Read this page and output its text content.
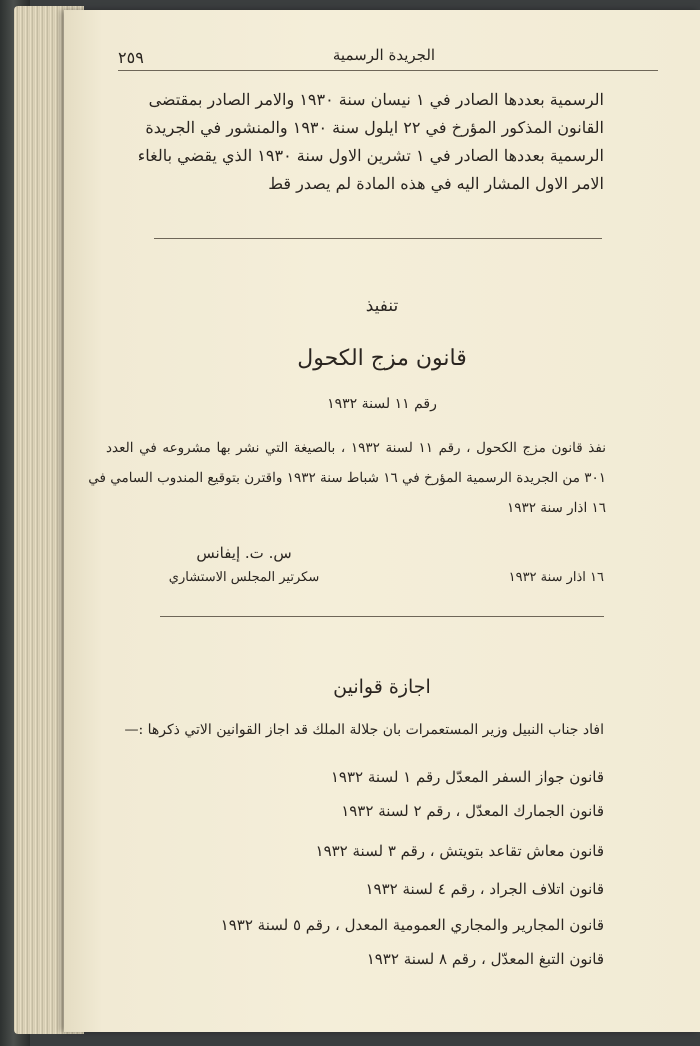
٢٥٩	الجريدة الرسمية
الرسمية بعددها الصادر في ١ نيسان سنة ١٩٣٠ والامر الصادر بمقتضى
القانون المذكور المؤرخ في ٢٢ ايلول سنة ١٩٣٠ والمنشور في الجريدة
الرسمية بعددها الصادر في ١ تشرين الاول سنة ١٩٣٠ الذي يقضي بالغاء
الامر الاول المشار اليه في هذه المادة لم يصدر قط
تنفيذ
قانون مزج الكحول
رقم ١١ لسنة ١٩٣٢
نفذ قانون مزج الكحول ، رقم ١١ لسنة ١٩٣٢ ، بالصيغة التي نشر بها مشروعه في العدد
٣٠١ من الجريدة الرسمية المؤرخ في ١٦ شباط سنة ١٩٣٢ واقترن بتوقيع المندوب السامي في
١٦ اذار سنة ١٩٣٢
س. ت. إيفانس
سكرتير المجلس الاستشاري	١٦ اذار سنة ١٩٣٢
اجازة قوانين
افاد جناب النبيل وزير المستعمرات بان جلالة الملك قد اجاز القوانين الاتي ذكرها :—
قانون جواز السفر المعدّل رقم ١ لسنة ١٩٣٢
قانون الجمارك المعدّل ، رقم ٢ لسنة ١٩٣٢
قانون معاش تقاعد بتويتش ، رقم ٣ لسنة ١٩٣٢
قانون اتلاف الجراد ، رقم ٤ لسنة ١٩٣٢
قانون المجارير والمجاري العمومية المعدل ، رقم ٥ لسنة ١٩٣٢
قانون التبغ المعدّل ، رقم ٨ لسنة ١٩٣٢
